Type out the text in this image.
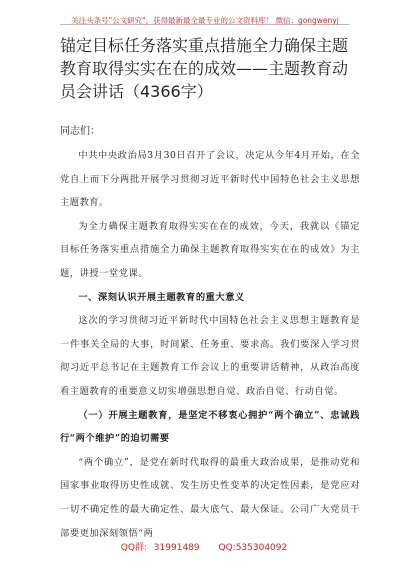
关注头条号"公文研究"，获得最新最全最专业的公文资料库！ 微信：gongwenyj
锚定目标任务落实重点措施全力确保主题教育取得实实在在的成效——主题教育动员会讲话（4366字）
同志们：

中共中央政治局3月30日召开了会议，决定从今年4月开始，在全党自上而下分两批开展学习贯彻习近平新时代中国特色社会主义思想主题教育。

为全力确保主题教育取得实实在在的成效，今天，我就以《锚定目标任务落实重点措施全力确保主题教育取得实实在在的成效》为主题，讲授一堂党课。

一、深刻认识开展主题教育的重大意义

这次的学习贯彻习近平新时代中国特色社会主义思想主题教育是一件事关全局的大事，时间紧、任务重、要求高。我们要深入学习贯彻习近平总书记在主题教育工作会议上的重要讲话精神，从政治高度看主题教育的重要意义切实增强思想自觉、政治自觉、行动自觉。

（一）开展主题教育，是坚定不移衷心拥护“两个确立”、忠诚践行“两个维护”的迫切需要

“两个确立”，是党在新时代取得的最重大政治成果，是推动党和国家事业取得历史性成就、发生历史性变革的决定性因素，是党应对一切不确定性的最大确定性、最大底气、最大保证。公司广大党员干部要更加深刻领悟“两

QQ群: 31991489 QQ:535304092
